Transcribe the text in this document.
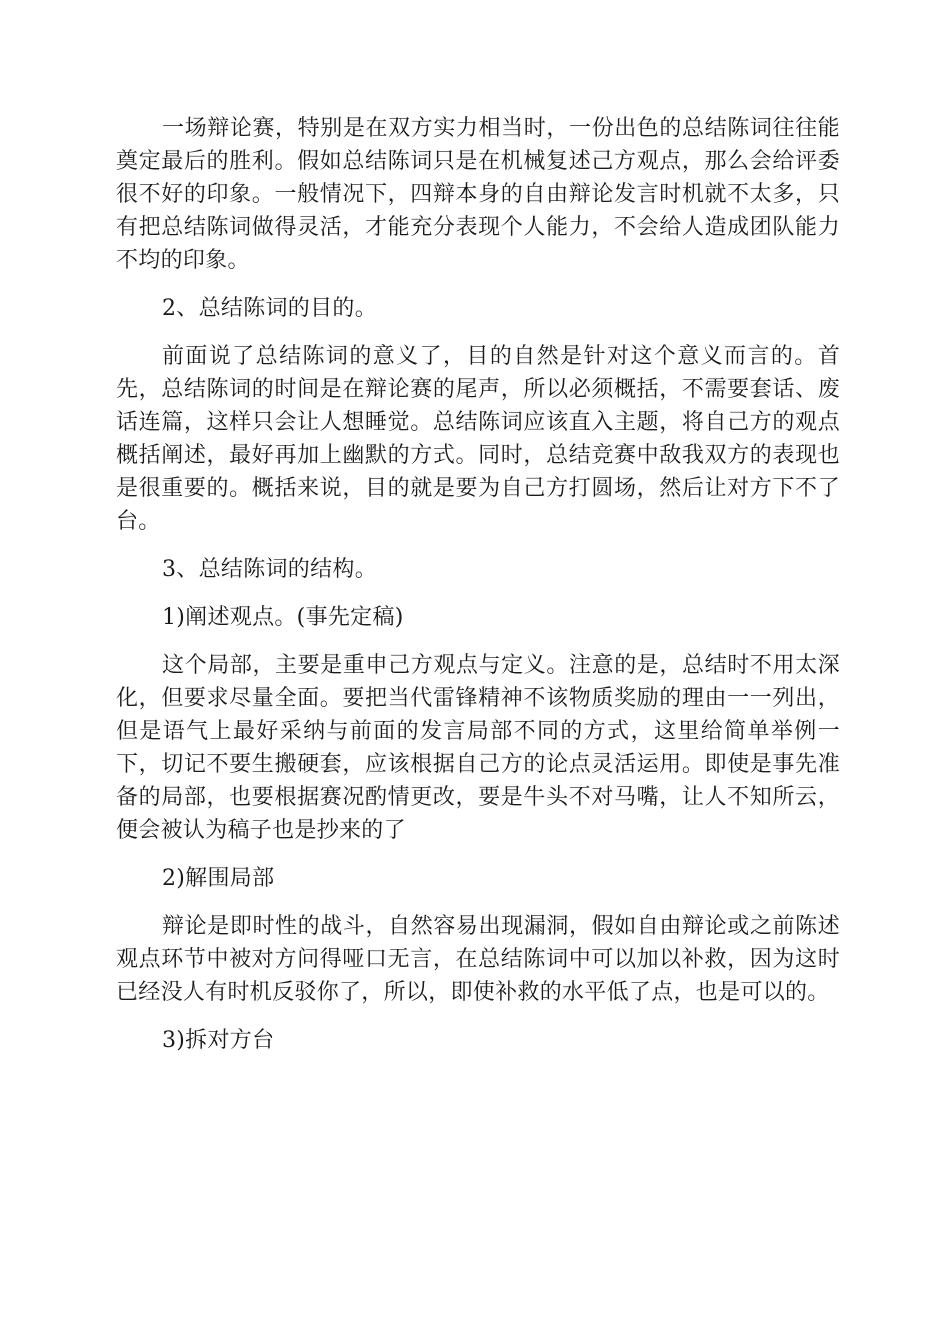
一场辩论赛，特别是在双方实力相当时，一份出色的总结陈词往往能奠定最后的胜利。假如总结陈词只是在机械复述己方观点，那么会给评委很不好的印象。一般情况下，四辩本身的自由辩论发言时机就不太多，只有把总结陈词做得灵活，才能充分表现个人能力，不会给人造成团队能力不均的印象。

2、总结陈词的目的。

前面说了总结陈词的意义了，目的自然是针对这个意义而言的。首先，总结陈词的时间是在辩论赛的尾声，所以必须概括，不需要套话、废话连篇，这样只会让人想睡觉。总结陈词应该直入主题，将自己方的观点概括阐述，最好再加上幽默的方式。同时，总结竞赛中敌我双方的表现也是很重要的。概括来说，目的就是要为自己方打圆场，然后让对方下不了台。

3、总结陈词的结构。

1)阐述观点。(事先定稿)

这个局部，主要是重申己方观点与定义。注意的是，总结时不用太深化，但要求尽量全面。要把当代雷锋精神不该物质奖励的理由一一列出，但是语气上最好采纳与前面的发言局部不同的方式，这里给简单举例一下，切记不要生搬硬套，应该根据自己方的论点灵活运用。即使是事先准备的局部，也要根据赛况酌情更改，要是牛头不对马嘴，让人不知所云，便会被认为稿子也是抄来的了

2)解围局部

辩论是即时性的战斗，自然容易出现漏洞，假如自由辩论或之前陈述观点环节中被对方问得哑口无言，在总结陈词中可以加以补救，因为这时已经没人有时机反驳你了，所以，即使补救的水平低了点，也是可以的。

3)拆对方台
